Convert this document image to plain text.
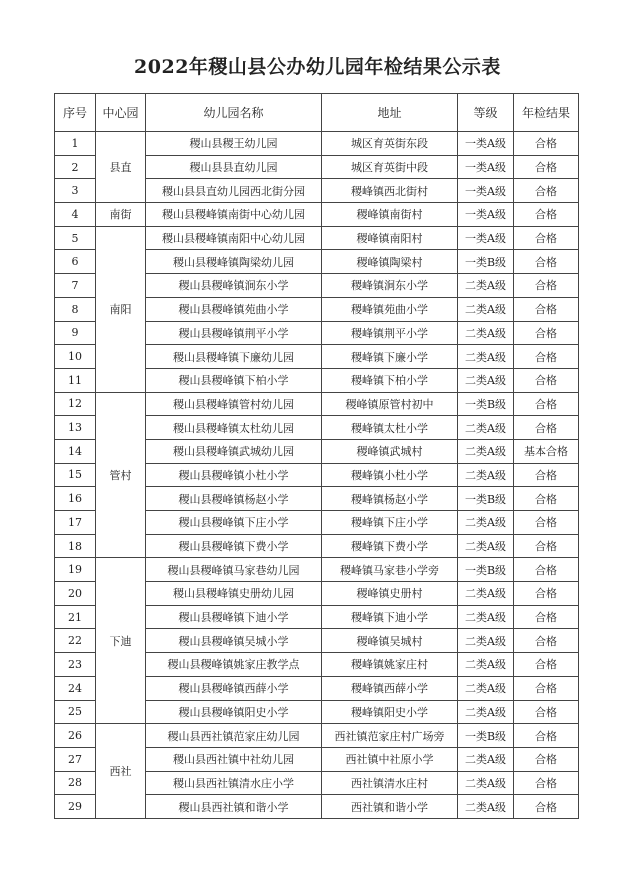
2022年稷山县公办幼儿园年检结果公示表
序号	中心园	幼儿园名称	地址	等级	年检结果
1	县直	稷山县稷王幼儿园	城区育英街东段	一类A级	合格
2		稷山县县直幼儿园	城区育英街中段	一类A级	合格
3		稷山县县直幼儿园西北街分园	稷峰镇西北街村	一类A级	合格
4	南街	稷山县稷峰镇南街中心幼儿园	稷峰镇南街村	一类A级	合格
5	南阳	稷山县稷峰镇南阳中心幼儿园	稷峰镇南阳村	一类A级	合格
6		稷山县稷峰镇陶梁幼儿园	稷峰镇陶梁村	一类B级	合格
7		稷山县稷峰镇涧东小学	稷峰镇涧东小学	二类A级	合格
8		稷山县稷峰镇苑曲小学	稷峰镇苑曲小学	二类A级	合格
9		稷山县稷峰镇荆平小学	稷峰镇荆平小学	二类A级	合格
10		稷山县稷峰镇下廉幼儿园	稷峰镇下廉小学	二类A级	合格
11		稷山县稷峰镇下柏小学	稷峰镇下柏小学	二类A级	合格
12	管村	稷山县稷峰镇管村幼儿园	稷峰镇原管村初中	一类B级	合格
13		稷山县稷峰镇太杜幼儿园	稷峰镇太杜小学	二类A级	合格
14		稷山县稷峰镇武城幼儿园	稷峰镇武城村	二类A级	基本合格
15		稷山县稷峰镇小杜小学	稷峰镇小杜小学	二类A级	合格
16		稷山县稷峰镇杨赵小学	稷峰镇杨赵小学	一类B级	合格
17		稷山县稷峰镇下庄小学	稷峰镇下庄小学	二类A级	合格
18		稷山县稷峰镇下费小学	稷峰镇下费小学	二类A级	合格
19	下迪	稷山县稷峰镇马家巷幼儿园	稷峰镇马家巷小学旁	一类B级	合格
20		稷山县稷峰镇史册幼儿园	稷峰镇史册村	二类A级	合格
21		稷山县稷峰镇下迪小学	稷峰镇下迪小学	二类A级	合格
22		稷山县稷峰镇吴城小学	稷峰镇吴城村	二类A级	合格
23		稷山县稷峰镇姚家庄教学点	稷峰镇姚家庄村	二类A级	合格
24		稷山县稷峰镇西薛小学	稷峰镇西薛小学	二类A级	合格
25		稷山县稷峰镇阳史小学	稷峰镇阳史小学	二类A级	合格
26	西社	稷山县西社镇范家庄幼儿园	西社镇范家庄村广场旁	一类B级	合格
27		稷山县西社镇中社幼儿园	西社镇中社原小学	二类A级	合格
28		稷山县西社镇清水庄小学	西社镇清水庄村	二类A级	合格
29		稷山县西社镇和谐小学	西社镇和谐小学	二类A级	合格
